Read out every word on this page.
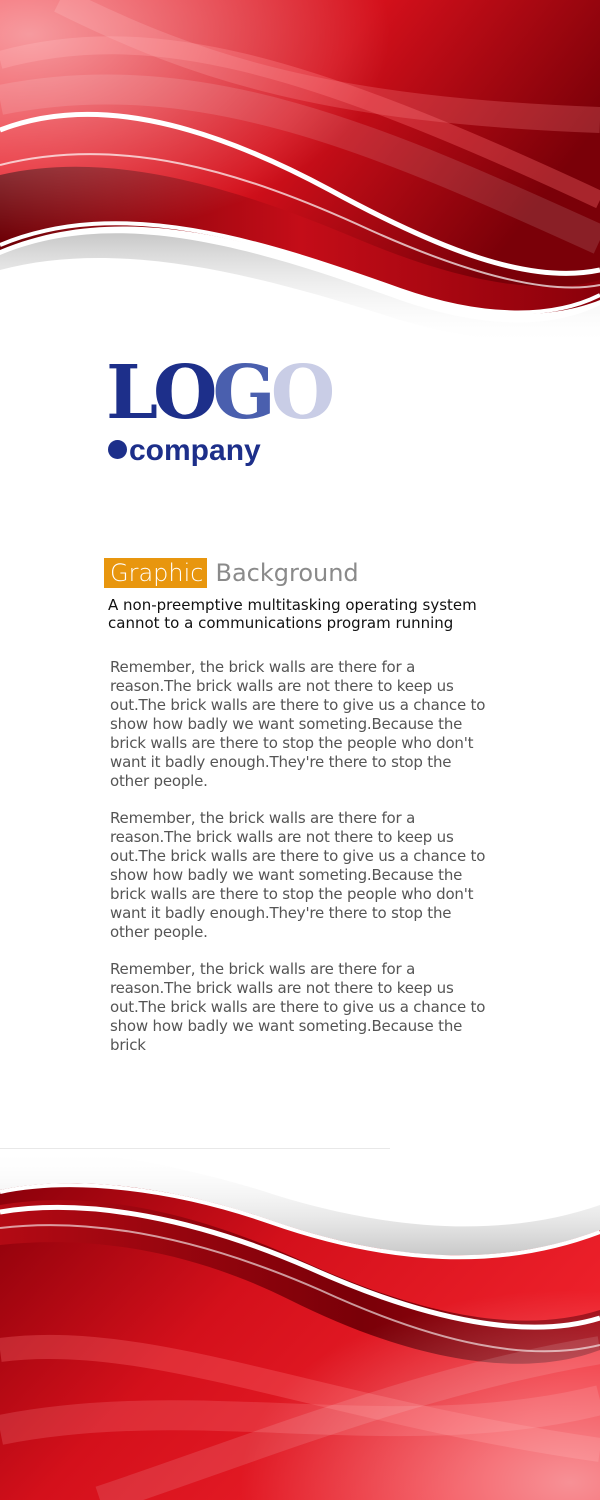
LOGO
company
Graphic Background

A non-preemptive multitasking operating system cannot to a communications program running

Remember, the brick walls are there for a reason.The brick walls are not there to keep us out.The brick walls are there to give us a chance to show how badly we want someting.Because the brick walls are there to stop the people who don't want it badly enough.They're there to stop the other people.

Remember, the brick walls are there for a reason.The brick walls are not there to keep us out.The brick walls are there to give us a chance to show how badly we want someting.Because the brick walls are there to stop the people who don't want it badly enough.They're there to stop the other people.

Remember, the brick walls are there for a reason.The brick walls are not there to keep us out.The brick walls are there to give us a chance to show how badly we want someting.Because the brick
